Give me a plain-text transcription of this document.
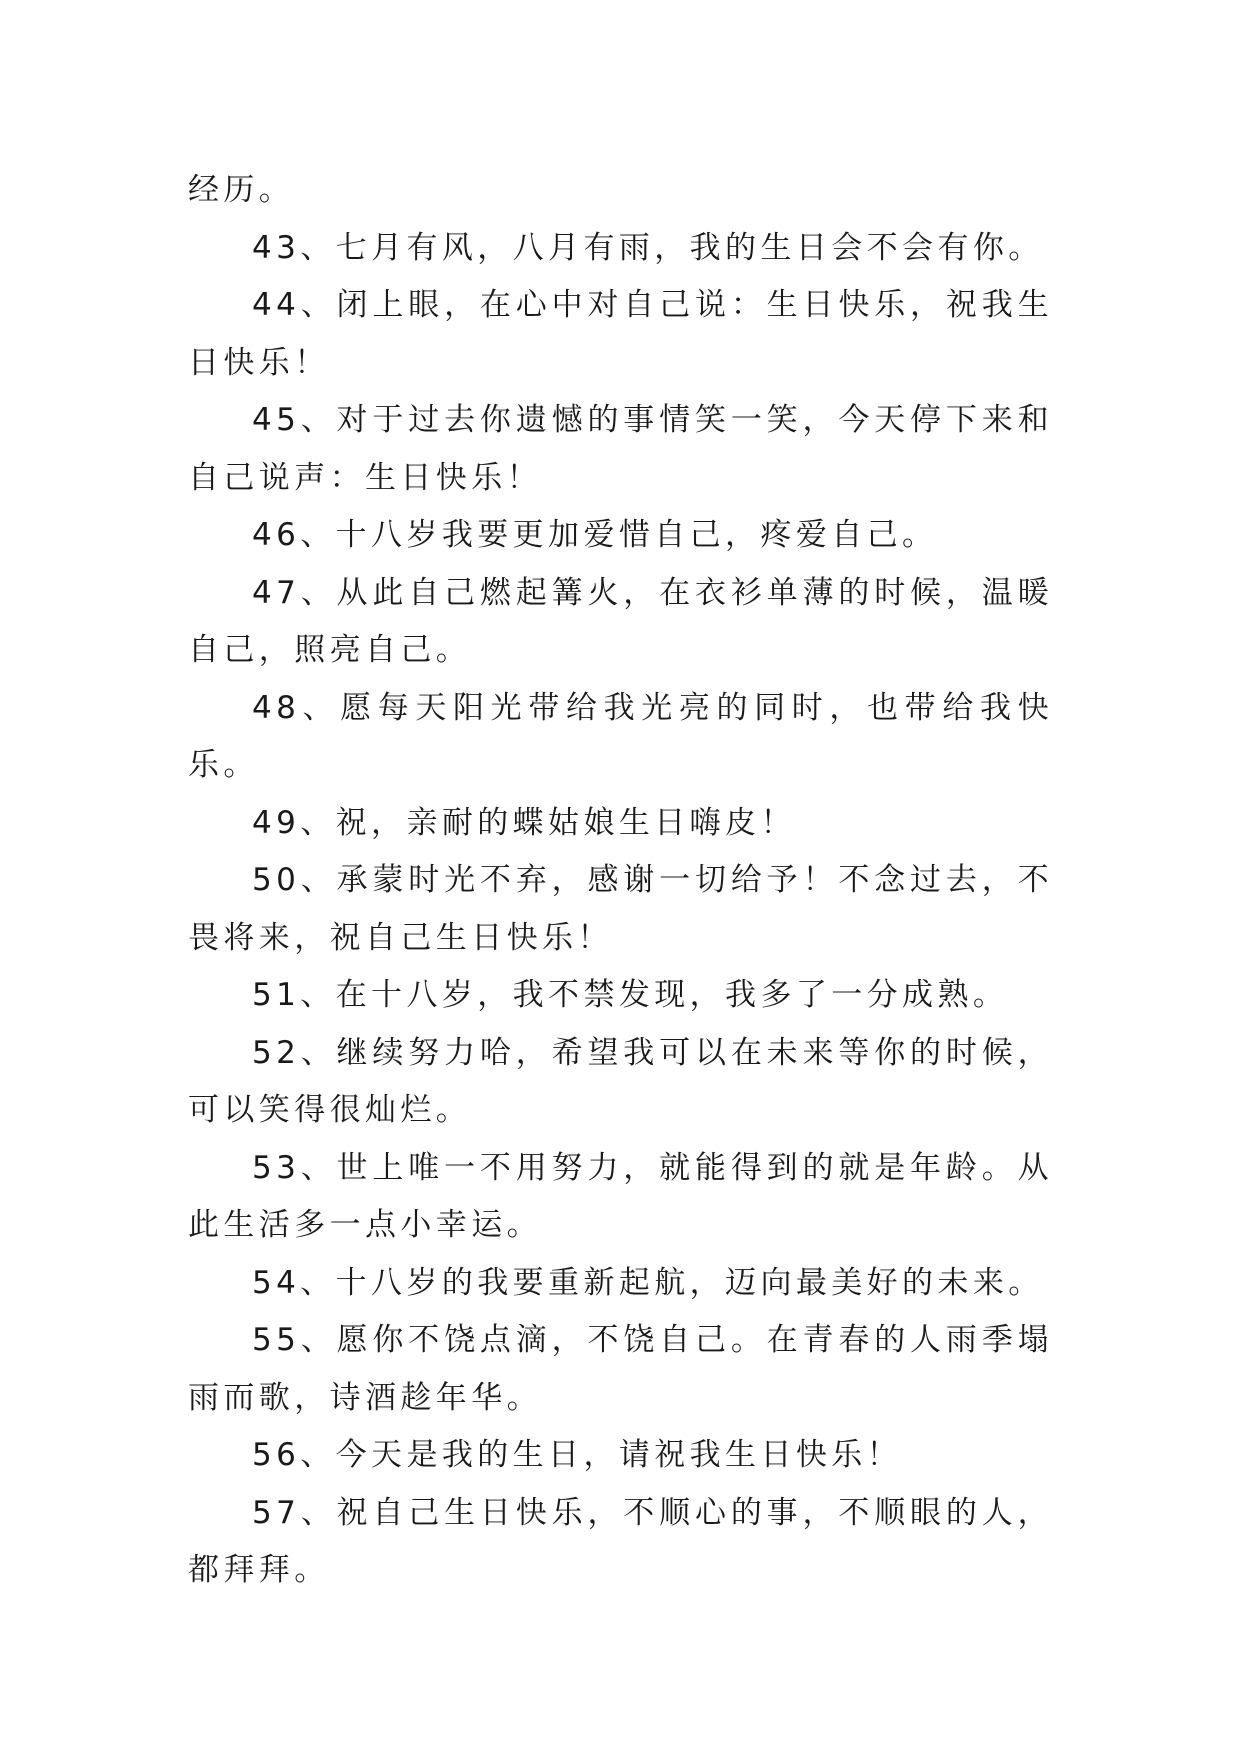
经历。

43、七月有风，八月有雨，我的生日会不会有你。

44、闭上眼，在心中对自己说：生日快乐，祝我生日快乐！

45、对于过去你遗憾的事情笑一笑，今天停下来和自己说声：生日快乐！

46、十八岁我要更加爱惜自己，疼爱自己。

47、从此自己燃起篝火，在衣衫单薄的时候，温暖自己，照亮自己。

48、愿每天阳光带给我光亮的同时，也带给我快乐。

49、祝，亲耐的蝶姑娘生日嗨皮！

50、承蒙时光不弃，感谢一切给予！不念过去，不畏将来，祝自己生日快乐！

51、在十八岁，我不禁发现，我多了一分成熟。

52、继续努力哈，希望我可以在未来等你的时候，可以笑得很灿烂。

53、世上唯一不用努力，就能得到的就是年龄。从此生活多一点小幸运。

54、十八岁的我要重新起航，迈向最美好的未来。

55、愿你不饶点滴，不饶自己。在青春的人雨季塌雨而歌，诗酒趁年华。

56、今天是我的生日，请祝我生日快乐！

57、祝自己生日快乐，不顺心的事，不顺眼的人，都拜拜。
